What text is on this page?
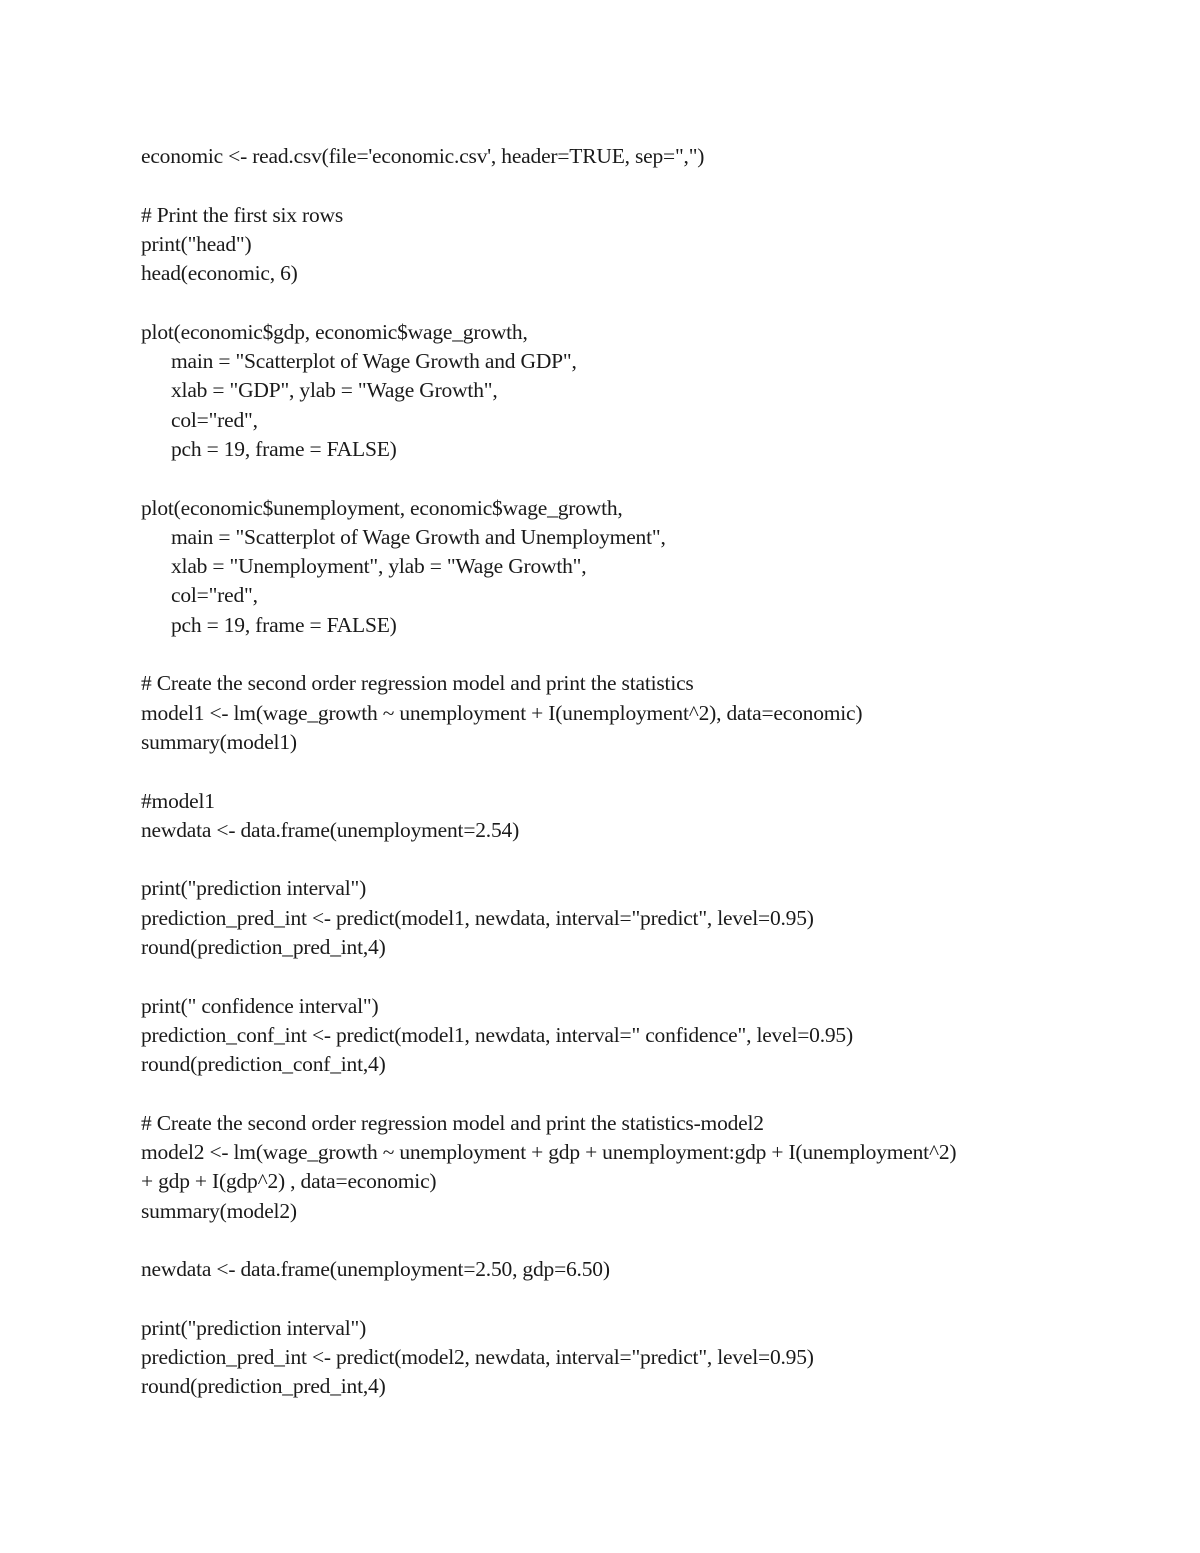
economic <- read.csv(file='economic.csv', header=TRUE, sep=",")
# Print the first six rows
print("head")
head(economic, 6)
plot(economic$gdp, economic$wage_growth,
main = "Scatterplot of Wage Growth and GDP",
xlab = "GDP", ylab = "Wage Growth",
col="red",
pch = 19, frame = FALSE)
plot(economic$unemployment, economic$wage_growth,
main = "Scatterplot of Wage Growth and Unemployment",
xlab = "Unemployment", ylab = "Wage Growth",
col="red",
pch = 19, frame = FALSE)
# Create the second order regression model and print the statistics
model1 <- lm(wage_growth ~ unemployment + I(unemployment^2), data=economic)
summary(model1)
#model1
newdata <- data.frame(unemployment=2.54)
print("prediction interval")
prediction_pred_int <- predict(model1, newdata, interval="predict", level=0.95)
round(prediction_pred_int,4)
print(" confidence interval")
prediction_conf_int <- predict(model1, newdata, interval=" confidence", level=0.95)
round(prediction_conf_int,4)
# Create the second order regression model and print the statistics-model2
model2 <- lm(wage_growth ~ unemployment + gdp + unemployment:gdp + I(unemployment^2)
+ gdp + I(gdp^2) , data=economic)
summary(model2)
newdata <- data.frame(unemployment=2.50, gdp=6.50)
print("prediction interval")
prediction_pred_int <- predict(model2, newdata, interval="predict", level=0.95)
round(prediction_pred_int,4)
